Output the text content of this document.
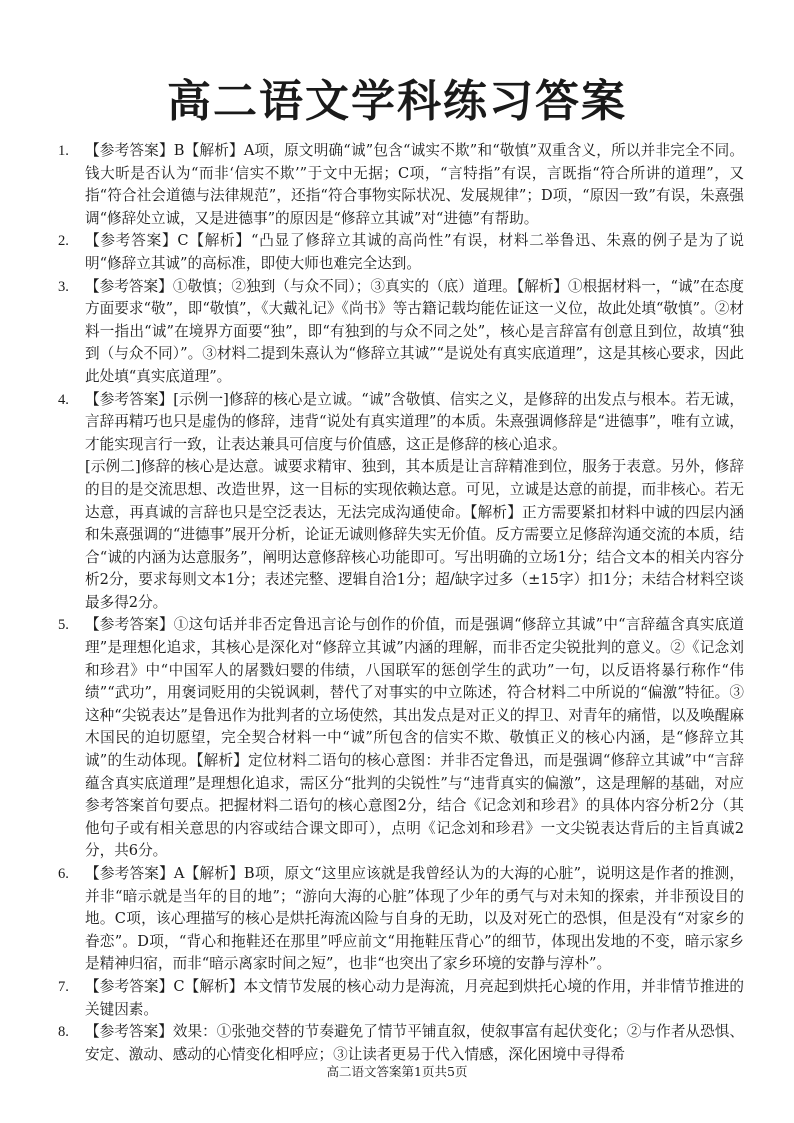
高二语文学科练习答案
1. 【参考答案】B【解析】A项，原文明确“诚”包含“诚实不欺”和“敬慎”双重含义，所以并非完全不同。钱大昕是否认为“而非‘信实不欺’”于文中无据；C项，“言特指”有误，言既指“符合所讲的道理”，又指“符合社会道德与法律规范”，还指“符合事物实际状况、发展规律”；D项，“原因一致”有误，朱熹强调“修辞处立诚，又是进德事”的原因是“修辞立其诚”对“进德”有帮助。

2. 【参考答案】C【解析】“凸显了修辞立其诚的高尚性”有误，材料二举鲁迅、朱熹的例子是为了说明“修辞立其诚”的高标准，即使大师也难完全达到。

3. 【参考答案】①敬慎；②独到（与众不同）；③真实的（底）道理。【解析】①根据材料一，“诚”在态度方面要求“敬”，即“敬慎”，《大戴礼记》《尚书》等古籍记载均能佐证这一义位，故此处填“敬慎”。②材料一指出“诚”在境界方面要“独”，即“有独到的与众不同之处”，核心是言辞富有创意且到位，故填“独到（与众不同）”。③材料二提到朱熹认为“修辞立其诚”“是说处有真实底道理”，这是其核心要求，因此此处填“真实底道理”。

4. 【参考答案】[示例一]修辞的核心是立诚。“诚”含敬慎、信实之义，是修辞的出发点与根本。若无诚，言辞再精巧也只是虚伪的修辞，违背“说处有真实道理”的本质。朱熹强调修辞是“进德事”，唯有立诚，才能实现言行一致，让表达兼具可信度与价值感，这正是修辞的核心追求。

[示例二]修辞的核心是达意。诚要求精审、独到，其本质是让言辞精准到位，服务于表意。另外，修辞的目的是交流思想、改造世界，这一目标的实现依赖达意。可见，立诚是达意的前提，而非核心。若无达意，再真诚的言辞也只是空泛表达，无法完成沟通使命。【解析】正方需要紧扣材料中诚的四层内涵和朱熹强调的“进德事”展开分析，论证无诚则修辞失实无价值。反方需要立足修辞沟通交流的本质，结合“诚的内涵为达意服务”，阐明达意修辞核心功能即可。写出明确的立场1分；结合文本的相关内容分析2分，要求每则文本1分；表述完整、逻辑自洽1分；超/缺字过多（±15字）扣1分；未结合材料空谈最多得2分。

5. 【参考答案】①这句话并非否定鲁迅言论与创作的价值，而是强调“修辞立其诚”中“言辞蕴含真实底道理”是理想化追求，其核心是深化对“修辞立其诚”内涵的理解，而非否定尖锐批判的意义。②《记念刘和珍君》中“中国军人的屠戮妇婴的伟绩，八国联军的惩创学生的武功”一句，以反语将暴行称作“伟绩”“武功”，用褒词贬用的尖锐讽刺，替代了对事实的中立陈述，符合材料二中所说的“偏激”特征。③这种“尖锐表达”是鲁迅作为批判者的立场使然，其出发点是对正义的捍卫、对青年的痛惜，以及唤醒麻木国民的迫切愿望，完全契合材料一中“诚”所包含的信实不欺、敬慎正义的核心内涵，是“修辞立其诚”的生动体现。【解析】定位材料二语句的核心意图：并非否定鲁迅，而是强调“修辞立其诚”中“言辞蕴含真实底道理”是理想化追求，需区分“批判的尖锐性”与“违背真实的偏激”，这是理解的基础，对应参考答案首句要点。把握材料二语句的核心意图2分，结合《记念刘和珍君》的具体内容分析2分（其他句子或有相关意思的内容或结合课文即可），点明《记念刘和珍君》一文尖锐表达背后的主旨真诚2分，共6分。

6. 【参考答案】A【解析】B项，原文“这里应该就是我曾经认为的大海的心脏”，说明这是作者的推测，并非“暗示就是当年的目的地”；“游向大海的心脏”体现了少年的勇气与对未知的探索，并非预设目的地。C项，该心理描写的核心是烘托海流凶险与自身的无助，以及对死亡的恐惧，但是没有“对家乡的眷恋”。D项，“背心和拖鞋还在那里”呼应前文“用拖鞋压背心”的细节，体现出发地的不变，暗示家乡是精神归宿，而非“暗示离家时间之短”，也非“也突出了家乡环境的安静与淳朴”。

7. 【参考答案】C【解析】本文情节发展的核心动力是海流，月亮起到烘托心境的作用，并非情节推进的关键因素。

8. 【参考答案】效果：①张弛交替的节奏避免了情节平铺直叙，使叙事富有起伏变化；②与作者从恐惧、安定、激动、感动的心情变化相呼应；③让读者更易于代入情感，深化困境中寻得希

高二语文答案第1页共5页
